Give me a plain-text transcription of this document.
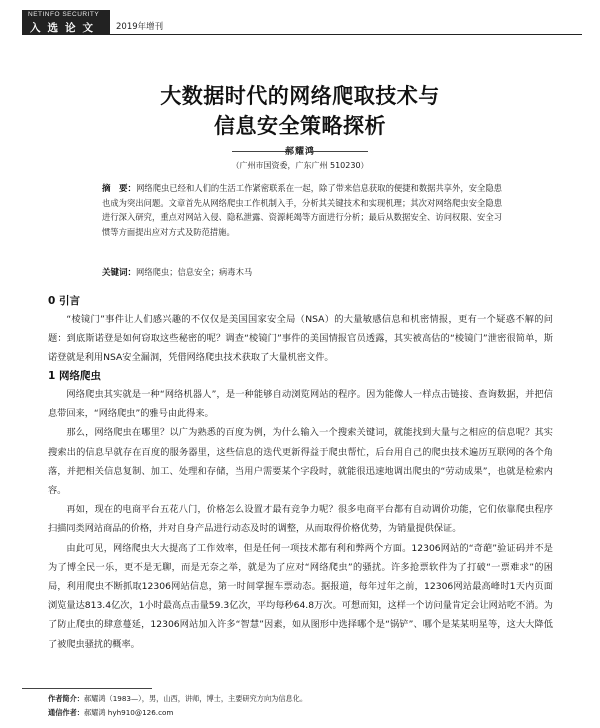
NETINFO SECURITY
入选论文 2019年增刊
大数据时代的网络爬取技术与
信息安全策略探析
郝耀鸿
（广州市国资委，广东广州 510230）
摘　要：网络爬虫已经和人们的生活工作紧密联系在一起，除了带来信息获取的便捷和数据共享外，安全隐患也成为突出问题。文章首先从网络爬虫工作机制入手，分析其关键技术和实现机理；其次对网络爬虫安全隐患进行深入研究，重点对网站入侵、隐私泄露、资源耗竭等方面进行分析；最后从数据安全、访问权限、安全习惯等方面提出应对方式及防范措施。
关键词：网络爬虫；信息安全；病毒木马
0 引言

“棱镜门”事件让人们感兴趣的不仅仅是美国国家安全局（NSA）的大量敏感信息和机密情报，更有一个疑惑不解的问题：到底斯诺登是如何窃取这些秘密的呢？调查“棱镜门”事件的美国情报官员透露，其实被高估的“棱镜门”泄密很简单，斯诺登就是利用NSA安全漏洞，凭借网络爬虫技术获取了大量机密文件。

1 网络爬虫

网络爬虫其实就是一种“网络机器人”，是一种能够自动浏览网站的程序。因为能像人一样点击链接、查询数据，并把信息带回来，“网络爬虫”的雅号由此得来。

那么，网络爬虫在哪里？以广为熟悉的百度为例，为什么输入一个搜索关键词，就能找到大量与之相应的信息呢？其实搜索出的信息早就存在百度的服务器里，这些信息的迭代更新得益于爬虫帮忙，后台用自己的爬虫技术遍历互联网的各个角落，并把相关信息复制、加工、处理和存储，当用户需要某个字段时，就能很迅速地调出爬虫的“劳动成果”，也就是检索内容。

再如，现在的电商平台五花八门，价格怎么设置才最有竞争力呢？很多电商平台都有自动调价功能，它们依靠爬虫程序扫描同类网站商品的价格，并对自身产品进行动态及时的调整，从而取得价格优势，为销量提供保证。

由此可见，网络爬虫大大提高了工作效率，但是任何一项技术都有利和弊两个方面。12306网站的“奇葩”验证码并不是为了博全民一乐，更不是无聊，而是无奈之举，就是为了应对“网络爬虫”的骚扰。许多抢票软件为了打破“一票难求”的困局，利用爬虫不断抓取12306网站信息，第一时间掌握车票动态。据报道，每年过年之前，12306网站最高峰时1天内页面浏览量达813.4亿次，1小时最高点击量59.3亿次，平均每秒64.8万次。可想而知，这样一个访问量肯定会让网站吃不消。为了防止爬虫的肆意蔓延，12306网站加入许多“智慧”因素，如从图形中选择哪个是“锅铲”、哪个是某某明星等，这大大降低了被爬虫骚扰的概率。

作者简介：郝耀鸿（1983—），男，山西，讲师，博士，主要研究方向为信息化。
通信作者：郝耀鸿 hyh910@126.com
